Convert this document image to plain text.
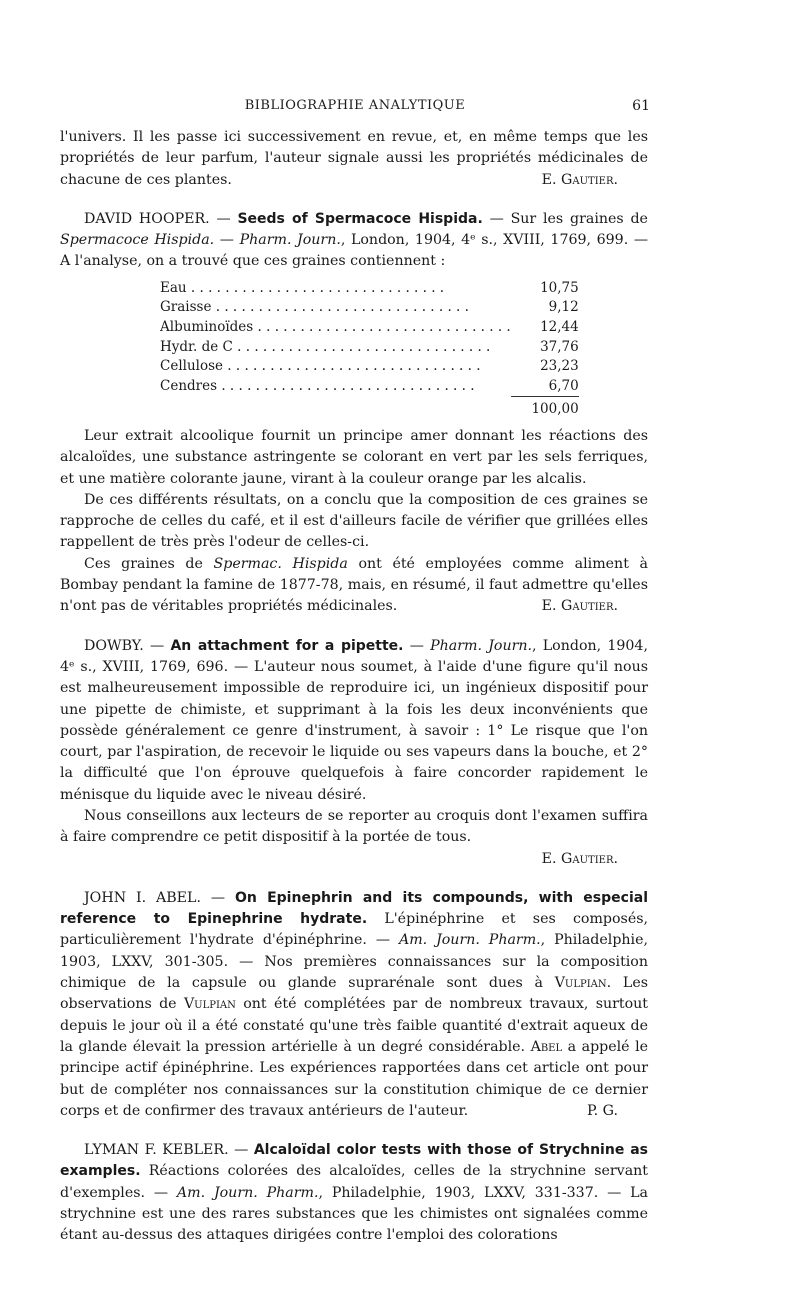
BIBLIOGRAPHIE ANALYTIQUE	61

l'univers. Il les passe ici successivement en revue, et, en même temps que les propriétés de leur parfum, l'auteur signale aussi les propriétés médicinales de chacune de ces plantes.	E. Gautier.

DAVID HOOPER. — Seeds of Spermacoce Hispida. — Sur les graines de Spermacoce Hispida. — Pharm. Journ., London, 1904, 4ᵉ s., XVIII, 1769, 699. — A l'analyse, on a trouvé que ces graines contiennent :

Eau . . .	10,75
Graisse . . .	9,12
Albuminoïdes . . .	12,44
Hydr. de C . . .	37,76
Cellulose . . .	23,23
Cendres . . .	6,70
	100,00

Leur extrait alcoolique fournit un principe amer donnant les réactions des alcaloïdes, une substance astringente se colorant en vert par les sels ferriques, et une matière colorante jaune, virant à la couleur orange par les alcalis.

De ces différents résultats, on a conclu que la composition de ces graines se rapproche de celles du café, et il est d'ailleurs facile de vérifier que grillées elles rappellent de très près l'odeur de celles-ci.

Ces graines de Spermac. Hispida ont été employées comme aliment à Bombay pendant la famine de 1877-78, mais, en résumé, il faut admettre qu'elles n'ont pas de véritables propriétés médicinales.	E. Gautier.

DOWBY. — An attachment for a pipette. — Pharm. Journ., London, 1904, 4ᵉ s., XVIII, 1769, 696. — L'auteur nous soumet, à l'aide d'une figure qu'il nous est malheureusement impossible de reproduire ici, un ingénieux dispositif pour une pipette de chimiste, et supprimant à la fois les deux inconvénients que possède généralement ce genre d'instrument, à savoir : 1° Le risque que l'on court, par l'aspiration, de recevoir le liquide ou ses vapeurs dans la bouche, et 2° la difficulté que l'on éprouve quelquefois à faire concorder rapidement le ménisque du liquide avec le niveau désiré.

Nous conseillons aux lecteurs de se reporter au croquis dont l'examen suffira à faire comprendre ce petit dispositif à la portée de tous.

E. Gautier.

JOHN I. ABEL. — On Epinephrin and its compounds, with especial reference to Epinephrine hydrate. L'épinéphrine et ses composés, particulièrement l'hydrate d'épinéphrine. — Am. Journ. Pharm., Philadelphie, 1903, LXXV, 301-305. — Nos premières connaissances sur la composition chimique de la capsule ou glande suprarénale sont dues à Vulpian. Les observations de Vulpian ont été complétées par de nombreux travaux, surtout depuis le jour où il a été constaté qu'une très faible quantité d'extrait aqueux de la glande élevait la pression artérielle à un degré considérable. Abel a appelé le principe actif épinéphrine. Les expériences rapportées dans cet article ont pour but de compléter nos connaissances sur la constitution chimique de ce dernier corps et de confirmer des travaux antérieurs de l'auteur.	P. G.

LYMAN F. KEBLER. — Alcaloïdal color tests with those of Strychnine as examples. Réactions colorées des alcaloïdes, celles de la strychnine servant d'exemples. — Am. Journ. Pharm., Philadelphie, 1903, LXXV, 331-337. — La strychnine est une des rares substances que les chimistes ont signalées comme étant au-dessus des attaques dirigées contre l'emploi des colorations
